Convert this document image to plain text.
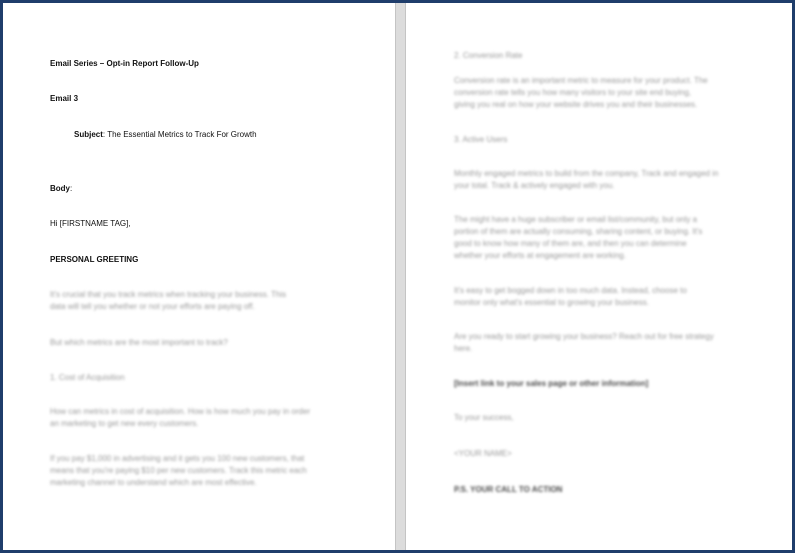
Email Series – Opt-in Report Follow-Up
Email 3
Subject: The Essential Metrics to Track For Growth
Body:
Hi [FIRSTNAME TAG],
PERSONAL GREETING
It's crucial that you track metrics when tracking your business. This
data will tell you whether or not your efforts are paying off.
But which metrics are the most important to track?
1. Cost of Acquisition
How can metrics in cost of acquisition. How is how much you pay in order
an marketing to get new every customers.
If you pay $1,000 in advertising and it gets you 100 new customers, that
means that you're paying $10 per new customers. Track this metric each
marketing channel to understand which are most effective.
2. Conversion Rate
Conversion rate is an important metric to measure for your product. The
conversion rate tells you how many visitors to your site end buying,
giving you real on how your website drives you and their businesses.
3. Active Users
Monthly engaged metrics to build from the company, Track and engaged in
your total. Track & actively engaged with you.
The might have a huge subscriber or email list/community, but only a
portion of them are actually consuming, sharing content, or buying. It's
good to know how many of them are, and then you can determine
whether your efforts at engagement are working.
It's easy to get bogged down in too much data. Instead, choose to
monitor only what's essential to growing your business.
Are you ready to start growing your business? Reach out for free strategy
here.
[Insert link to your sales page or other information]
To your success,
<YOUR NAME>
P.S. YOUR CALL TO ACTION
